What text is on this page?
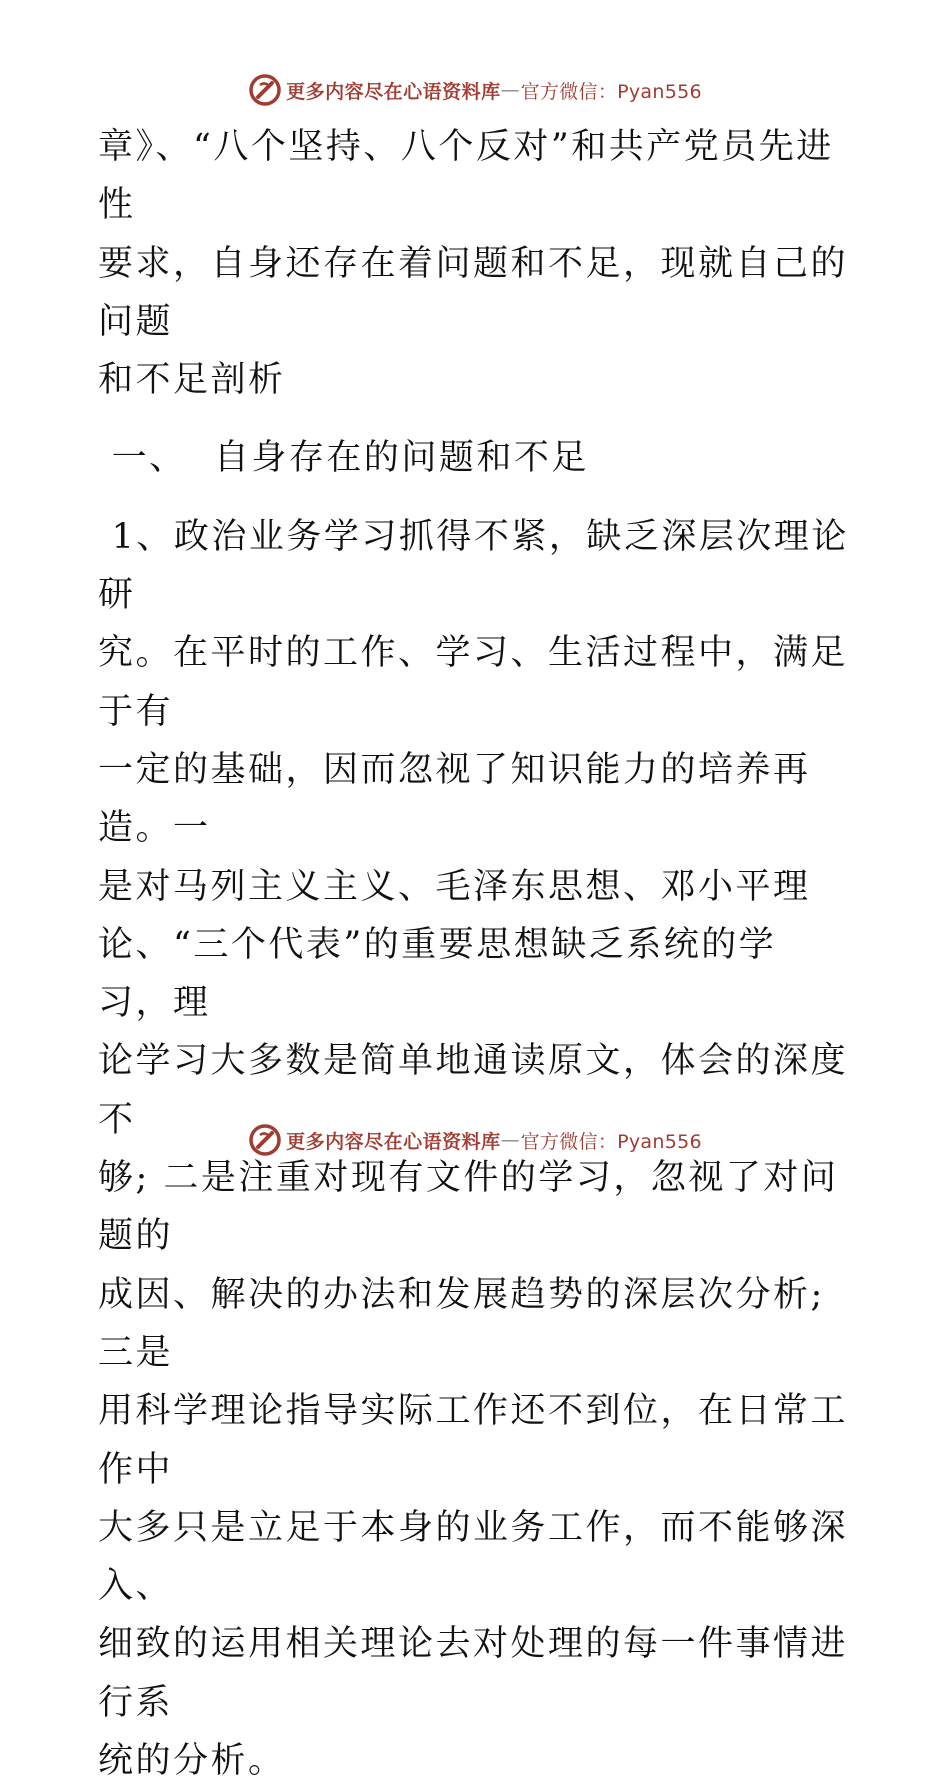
更多内容尽在心语资料库 — 官方微信：Pyan556

章》、“八个坚持、八个反对”和共产党员先进性

要求，自身还存在着问题和不足，现就自己的问题

和不足剖析

一、  自身存在的问题和不足

1、政治业务学习抓得不紧，缺乏深层次理论研

究。在平时的工作、学习、生活过程中，满足于有

一定的基础，因而忽视了知识能力的培养再造。一

是对马列主义主义、毛泽东思想、邓小平理

论、“三个代表”的重要思想缺乏系统的学习，理

论学习大多数是简单地通读原文，体会的深度不

够; 二是注重对现有文件的学习，忽视了对问题的

成因、解决的办法和发展趋势的深层次分析; 三是

用科学理论指导实际工作还不到位，在日常工作中

大多只是立足于本身的业务工作，而不能够深入、

细致的运用相关理论去对处理的每一件事情进行系

统的分析。

更多内容尽在心语资料库 — 官方微信：Pyan556
